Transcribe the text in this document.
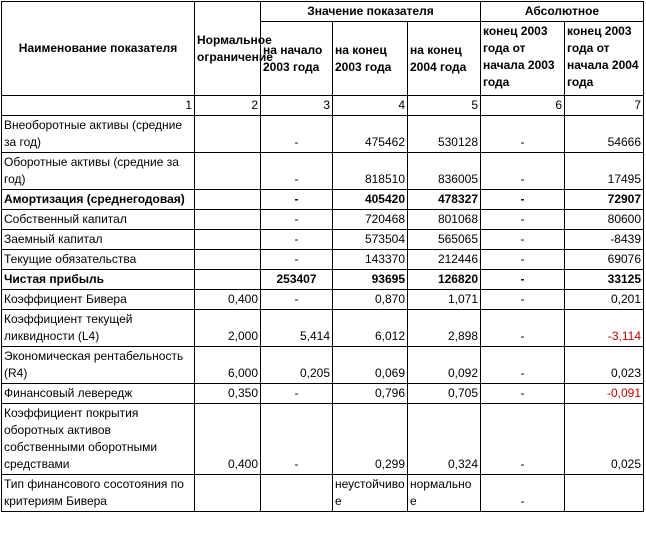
Наименование показателя	Нормальное ограничение	Значение показателя			Абсолютное	
		на начало 2003 года	на конец 2003 года	на конец 2004 года	конец 2003 года от начала 2003 года	конец 2003 года от начала 2004 года
1	2	3	4	5	6	7
Внеоборотные активы (средние за год)		-	475462	530128	-	54666
Оборотные активы (средние за год)		-	818510	836005	-	17495
Амортизация (среднегодовая)		-	405420	478327	-	72907
Собственный капитал		-	720468	801068	-	80600
Заемный капитал		-	573504	565065	-	-8439
Текущие обязательства		-	143370	212446	-	69076
Чистая прибыль		253407	93695	126820	-	33125
Коэффициент Бивера	0,400	-	0,870	1,071	-	0,201
Коэффициент текущей ликвидности (L4)	2,000	5,414	6,012	2,898	-	-3,114
Экономическая рентабельность (R4)	6,000	0,205	0,069	0,092	-	0,023
Финансовый левередж	0,350	-	0,796	0,705	-	-0,091
Коэффициент покрытия оборотных активов собственными оборотными средствами	0,400	-	0,299	0,324	-	0,025
Тип финансового сосотояния по критериям Бивера			неустойчивое	нормальное	-	
